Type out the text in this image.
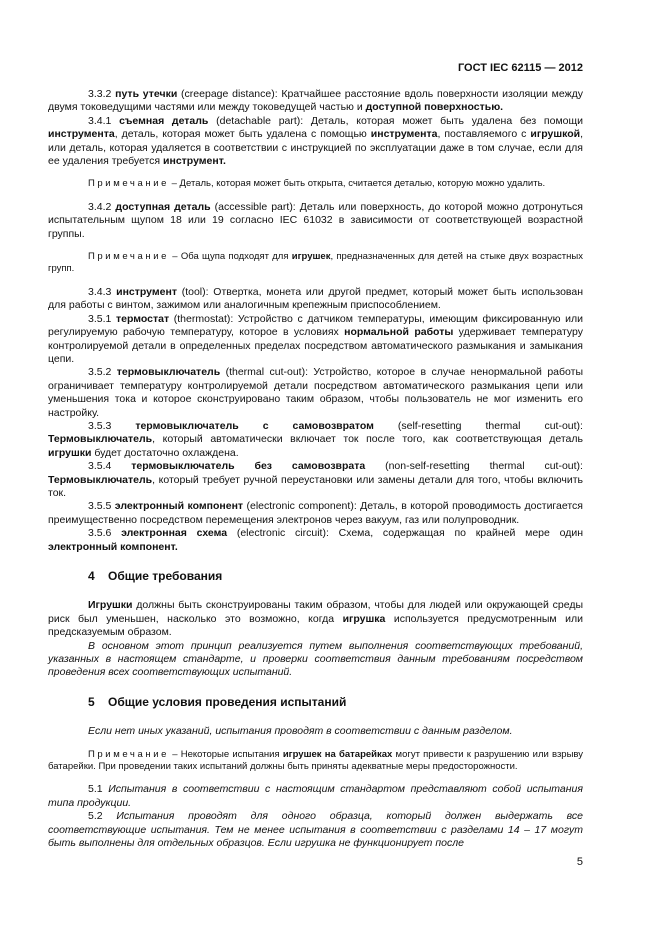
ГОСТ IEC 62115 — 2012

3.3.2 путь утечки (creepage distance): Кратчайшее расстояние вдоль поверхности изоляции между двумя токоведущими частями или между токоведущей частью и доступной поверхностью.

3.4.1 съемная деталь (detachable part): Деталь, которая может быть удалена без помощи инструмента, деталь, которая может быть удалена с помощью инструмента, поставляемого с игрушкой, или деталь, которая удаляется в соответствии с инструкцией по эксплуатации даже в том случае, если для ее удаления требуется инструмент.

Примечание – Деталь, которая может быть открыта, считается деталью, которую можно удалить.

3.4.2 доступная деталь (accessible part): Деталь или поверхность, до которой можно дотронуться испытательным щупом 18 или 19 согласно IEC 61032 в зависимости от соответствующей возрастной группы.

Примечание – Оба щупа подходят для игрушек, предназначенных для детей на стыке двух возрастных групп.

3.4.3 инструмент (tool): Отвертка, монета или другой предмет, который может быть использован для работы с винтом, зажимом или аналогичным крепежным приспособлением.

3.5.1 термостат (thermostat): Устройство с датчиком температуры, имеющим фиксированную или регулируемую рабочую температуру, которое в условиях нормальной работы удерживает температуру контролируемой детали в определенных пределах посредством автоматического размыкания и замыкания цепи.

3.5.2 термовыключатель (thermal cut-out): Устройство, которое в случае ненормальной работы ограничивает температуру контролируемой детали посредством автоматического размыкания цепи или уменьшения тока и которое сконструировано таким образом, чтобы пользователь не мог изменить его настройку.

3.5.3 термовыключатель с самовозвратом (self-resetting thermal cut-out):

Термовыключатель, который автоматически включает ток после того, как соответствующая деталь игрушки будет достаточно охлаждена.

3.5.4 термовыключатель без самовозврата (non-self-resetting thermal cut-out):

Термовыключатель, который требует ручной переустановки или замены детали для того, чтобы включить ток.

3.5.5 электронный компонент (electronic component): Деталь, в которой проводимость достигается преимущественно посредством перемещения электронов через вакуум, газ или полупроводник.

3.5.6 электронная схема (electronic circuit): Схема, содержащая по крайней мере один электронный компонент.

4 Общие требования

Игрушки должны быть сконструированы таким образом, чтобы для людей или окружающей среды риск был уменьшен, насколько это возможно, когда игрушка используется предусмотренным или предсказуемым образом.

В основном этот принцип реализуется путем выполнения соответствующих требований, указанных в настоящем стандарте, и проверки соответствия данным требованиям посредством проведения всех соответствующих испытаний.

5 Общие условия проведения испытаний

Если нет иных указаний, испытания проводят в соответствии с данным разделом.

Примечание – Некоторые испытания игрушек на батарейках могут привести к разрушению или взрыву батарейки. При проведении таких испытаний должны быть приняты адекватные меры предосторожности.

5.1 Испытания в соответствии с настоящим стандартом представляют собой испытания типа продукции.

5.2 Испытания проводят для одного образца, который должен выдержать все соответствующие испытания. Тем не менее испытания в соответствии с разделами 14 – 17 могут быть выполнены для отдельных образцов. Если игрушка не функционирует после

5
